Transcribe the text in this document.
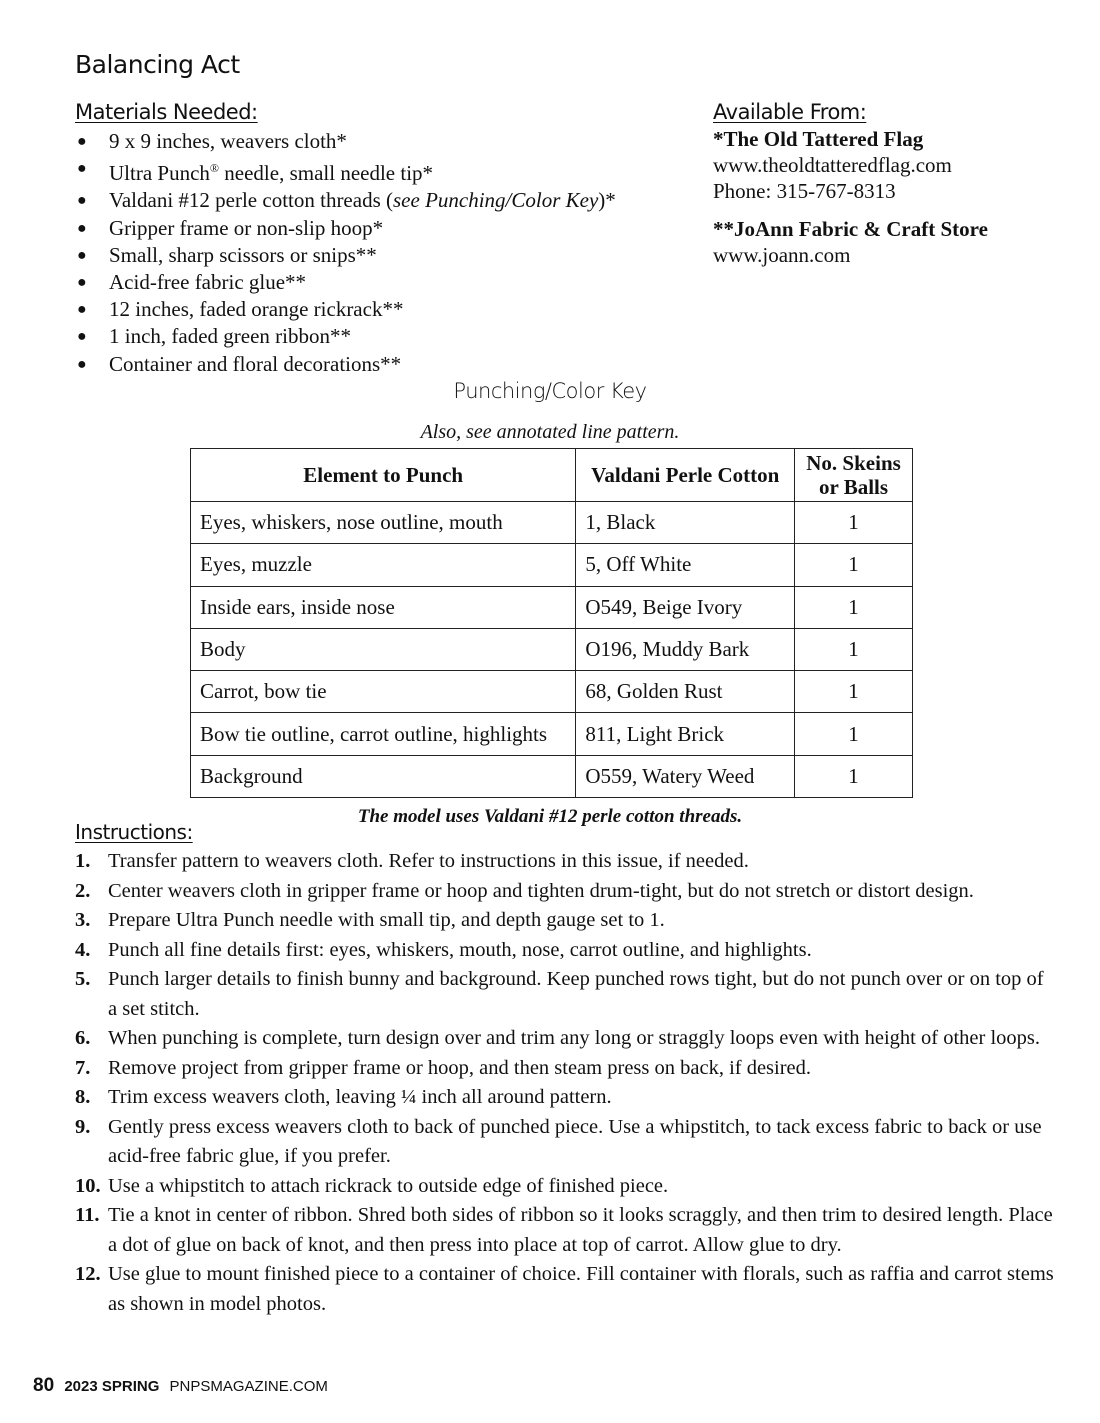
Balancing Act
Materials Needed:
● 9 x 9 inches, weavers cloth*
● Ultra Punch® needle, small needle tip*
● Valdani #12 perle cotton threads (see Punching/Color Key)*
● Gripper frame or non-slip hoop*
● Small, sharp scissors or snips**
● Acid-free fabric glue**
● 12 inches, faded orange rickrack**
● 1 inch, faded green ribbon**
● Container and floral decorations**
Available From:
*The Old Tattered Flag
www.theoldtatteredflag.com
Phone: 315-767-8313
**JoAnn Fabric & Craft Store
www.joann.com
Punching/Color Key
Also, see annotated line pattern.
Element to Punch	Valdani Perle Cotton	No. Skeins or Balls
Eyes, whiskers, nose outline, mouth	1, Black	1
Eyes, muzzle	5, Off White	1
Inside ears, inside nose	O549, Beige Ivory	1
Body	O196, Muddy Bark	1
Carrot, bow tie	68, Golden Rust	1
Bow tie outline, carrot outline, highlights	811, Light Brick	1
Background	O559, Watery Weed	1
The model uses Valdani #12 perle cotton threads.
Instructions:
1. Transfer pattern to weavers cloth. Refer to instructions in this issue, if needed.
2. Center weavers cloth in gripper frame or hoop and tighten drum-tight, but do not stretch or distort design.
3. Prepare Ultra Punch needle with small tip, and depth gauge set to 1.
4. Punch all fine details first: eyes, whiskers, mouth, nose, carrot outline, and highlights.
5. Punch larger details to finish bunny and background. Keep punched rows tight, but do not punch over or on top of a set stitch.
6. When punching is complete, turn design over and trim any long or straggly loops even with height of other loops.
7. Remove project from gripper frame or hoop, and then steam press on back, if desired.
8. Trim excess weavers cloth, leaving ¼ inch all around pattern.
9. Gently press excess weavers cloth to back of punched piece. Use a whipstitch, to tack excess fabric to back or use acid-free fabric glue, if you prefer.
10. Use a whipstitch to attach rickrack to outside edge of finished piece.
11. Tie a knot in center of ribbon. Shred both sides of ribbon so it looks scraggly, and then trim to desired length. Place a dot of glue on back of knot, and then press into place at top of carrot. Allow glue to dry.
12. Use glue to mount finished piece to a container of choice. Fill container with florals, such as raffia and carrot stems as shown in model photos.
80 2023 SPRING PNPSMAGAZINE.COM
